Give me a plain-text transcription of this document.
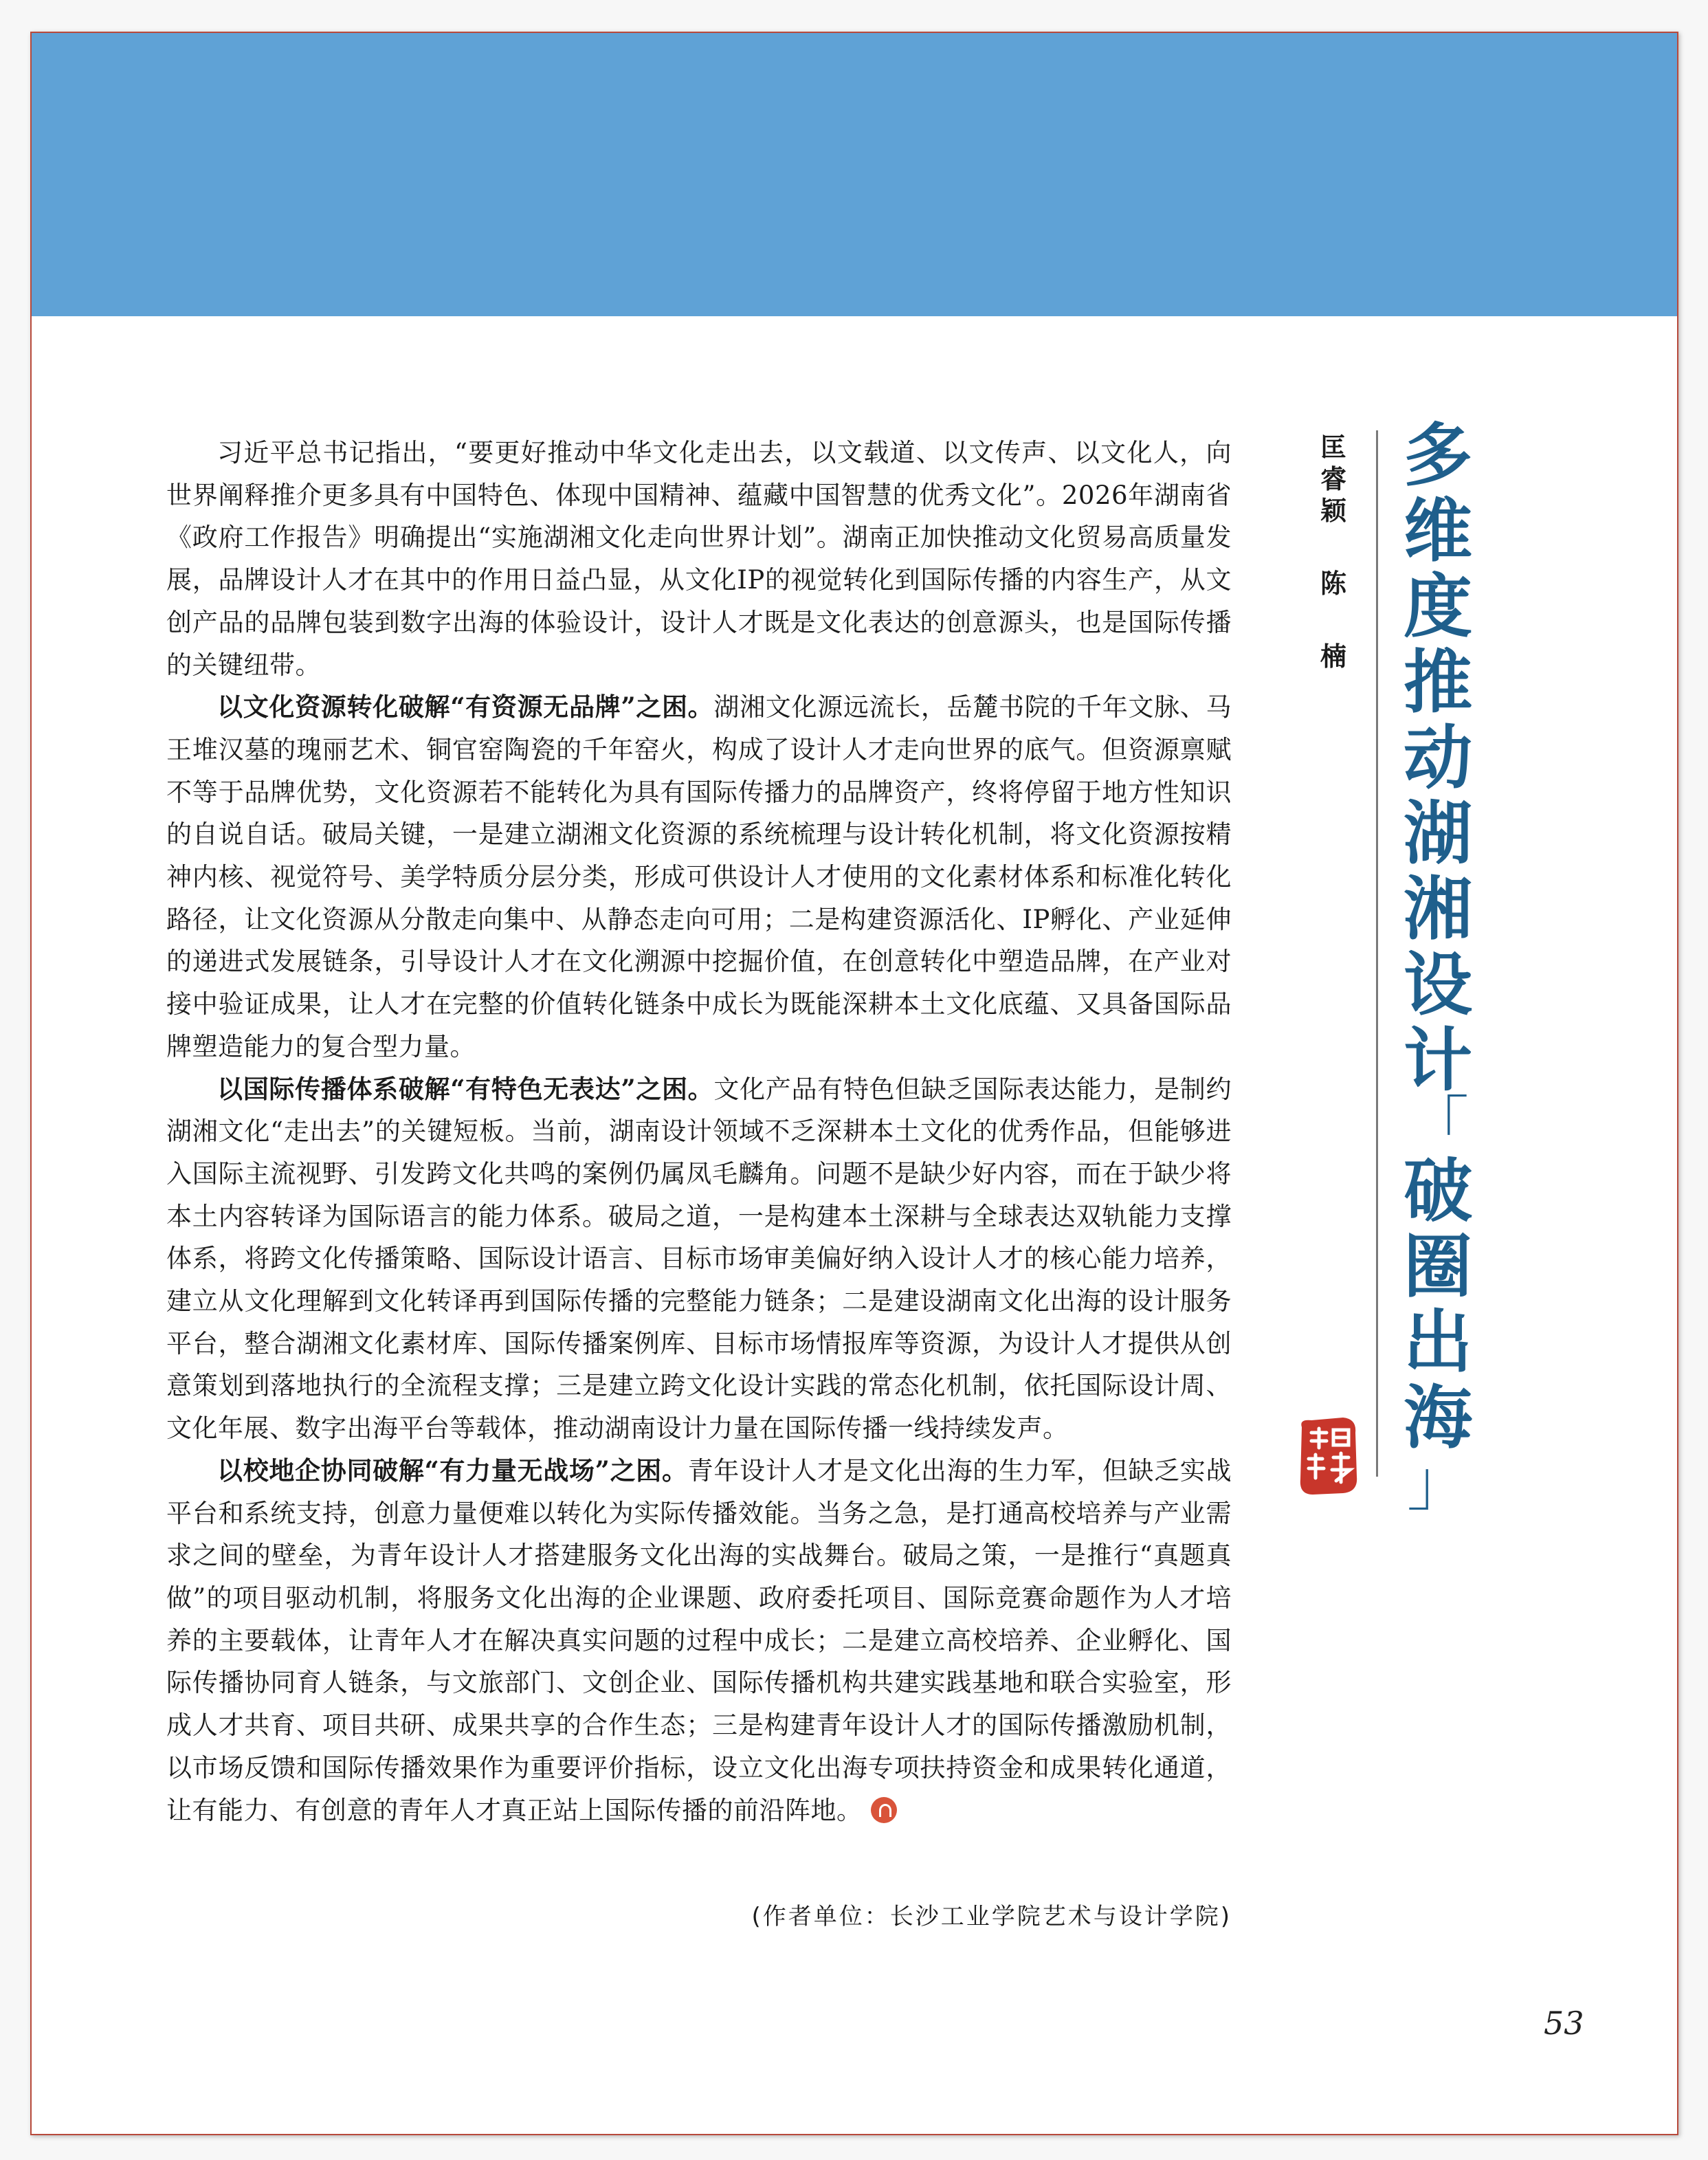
习近平总书记指出，“要更好推动中华文化走出去，以文载道、以文传声、以文化人，向世界阐释推介更多具有中国特色、体现中国精神、蕴藏中国智慧的优秀文化”。2026年湖南省《政府工作报告》明确提出“实施湖湘文化走向世界计划”。湖南正加快推动文化贸易高质量发展，品牌设计人才在其中的作用日益凸显，从文化IP的视觉转化到国际传播的内容生产，从文创产品的品牌包装到数字出海的体验设计，设计人才既是文化表达的创意源头，也是国际传播的关键纽带。

以文化资源转化破解“有资源无品牌”之困。湖湘文化源远流长，岳麓书院的千年文脉、马王堆汉墓的瑰丽艺术、铜官窑陶瓷的千年窑火，构成了设计人才走向世界的底气。但资源禀赋不等于品牌优势，文化资源若不能转化为具有国际传播力的品牌资产，终将停留于地方性知识的自说自话。破局关键，一是建立湖湘文化资源的系统梳理与设计转化机制，将文化资源按精神内核、视觉符号、美学特质分层分类，形成可供设计人才使用的文化素材体系和标准化转化路径，让文化资源从分散走向集中、从静态走向可用；二是构建资源活化、IP孵化、产业延伸的递进式发展链条，引导设计人才在文化溯源中挖掘价值，在创意转化中塑造品牌，在产业对接中验证成果，让人才在完整的价值转化链条中成长为既能深耕本土文化底蕴、又具备国际品牌塑造能力的复合型力量。

以国际传播体系破解“有特色无表达”之困。文化产品有特色但缺乏国际表达能力，是制约湖湘文化“走出去”的关键短板。当前，湖南设计领域不乏深耕本土文化的优秀作品，但能够进入国际主流视野、引发跨文化共鸣的案例仍属凤毛麟角。问题不是缺少好内容，而在于缺少将本土内容转译为国际语言的能力体系。破局之道，一是构建本土深耕与全球表达双轨能力支撑体系，将跨文化传播策略、国际设计语言、目标市场审美偏好纳入设计人才的核心能力培养，建立从文化理解到文化转译再到国际传播的完整能力链条；二是建设湖南文化出海的设计服务平台，整合湖湘文化素材库、国际传播案例库、目标市场情报库等资源，为设计人才提供从创意策划到落地执行的全流程支撑；三是建立跨文化设计实践的常态化机制，依托国际设计周、文化年展、数字出海平台等载体，推动湖南设计力量在国际传播一线持续发声。

以校地企协同破解“有力量无战场”之困。青年设计人才是文化出海的生力军，但缺乏实战平台和系统支持，创意力量便难以转化为实际传播效能。当务之急，是打通高校培养与产业需求之间的壁垒，为青年设计人才搭建服务文化出海的实战舞台。破局之策，一是推行“真题真做”的项目驱动机制，将服务文化出海的企业课题、政府委托项目、国际竞赛命题作为人才培养的主要载体，让青年人才在解决真实问题的过程中成长；二是建立高校培养、企业孵化、国际传播协同育人链条，与文旅部门、文创企业、国际传播机构共建实践基地和联合实验室，形成人才共育、项目共研、成果共享的合作生态；三是构建青年设计人才的国际传播激励机制，以市场反馈和国际传播效果作为重要评价指标，设立文化出海专项扶持资金和成果转化通道，让有能力、有创意的青年人才真正站上国际传播的前沿阵地。

(作者单位：长沙工业学院艺术与设计学院)
多
维
度
推
动
湖
湘
设
计
「
破
圈
出
海
」
匡
睿
颖
陈
楠
53
